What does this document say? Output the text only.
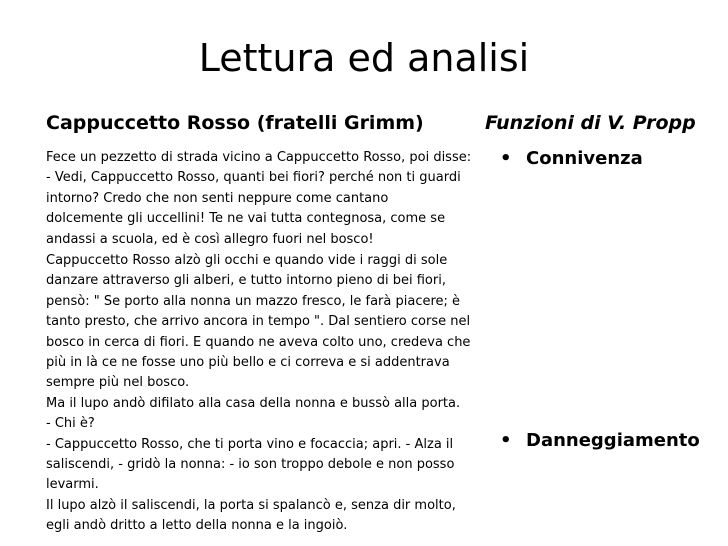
Lettura ed analisi
Cappuccetto Rosso (fratelli Grimm)	Funzioni di V. Propp
Fece un pezzetto di strada vicino a Cappuccetto Rosso, poi disse:
- Vedi, Cappuccetto Rosso, quanti bei fiori? perché non ti guardi
intorno? Credo che non senti neppure come cantano
dolcemente gli uccellini! Te ne vai tutta contegnosa, come se
andassi a scuola, ed è così allegro fuori nel bosco!
Cappuccetto Rosso alzò gli occhi e quando vide i raggi di sole
danzare attraverso gli alberi, e tutto intorno pieno di bei fiori,
pensò: " Se porto alla nonna un mazzo fresco, le farà piacere; è
tanto presto, che arrivo ancora in tempo ". Dal sentiero corse nel
bosco in cerca di fiori. E quando ne aveva colto uno, credeva che
più in là ce ne fosse uno più bello e ci correva e si addentrava
sempre più nel bosco.
Ma il lupo andò difilato alla casa della nonna e bussò alla porta.
- Chi è?
- Cappuccetto Rosso, che ti porta vino e focaccia; apri. - Alza il
saliscendi, - gridò la nonna: - io son troppo debole e non posso
levarmi.
Il lupo alzò il saliscendi, la porta si spalancò e, senza dir molto,
egli andò dritto a letto della nonna e la ingoiò.
• Connivenza
• Danneggiamento
